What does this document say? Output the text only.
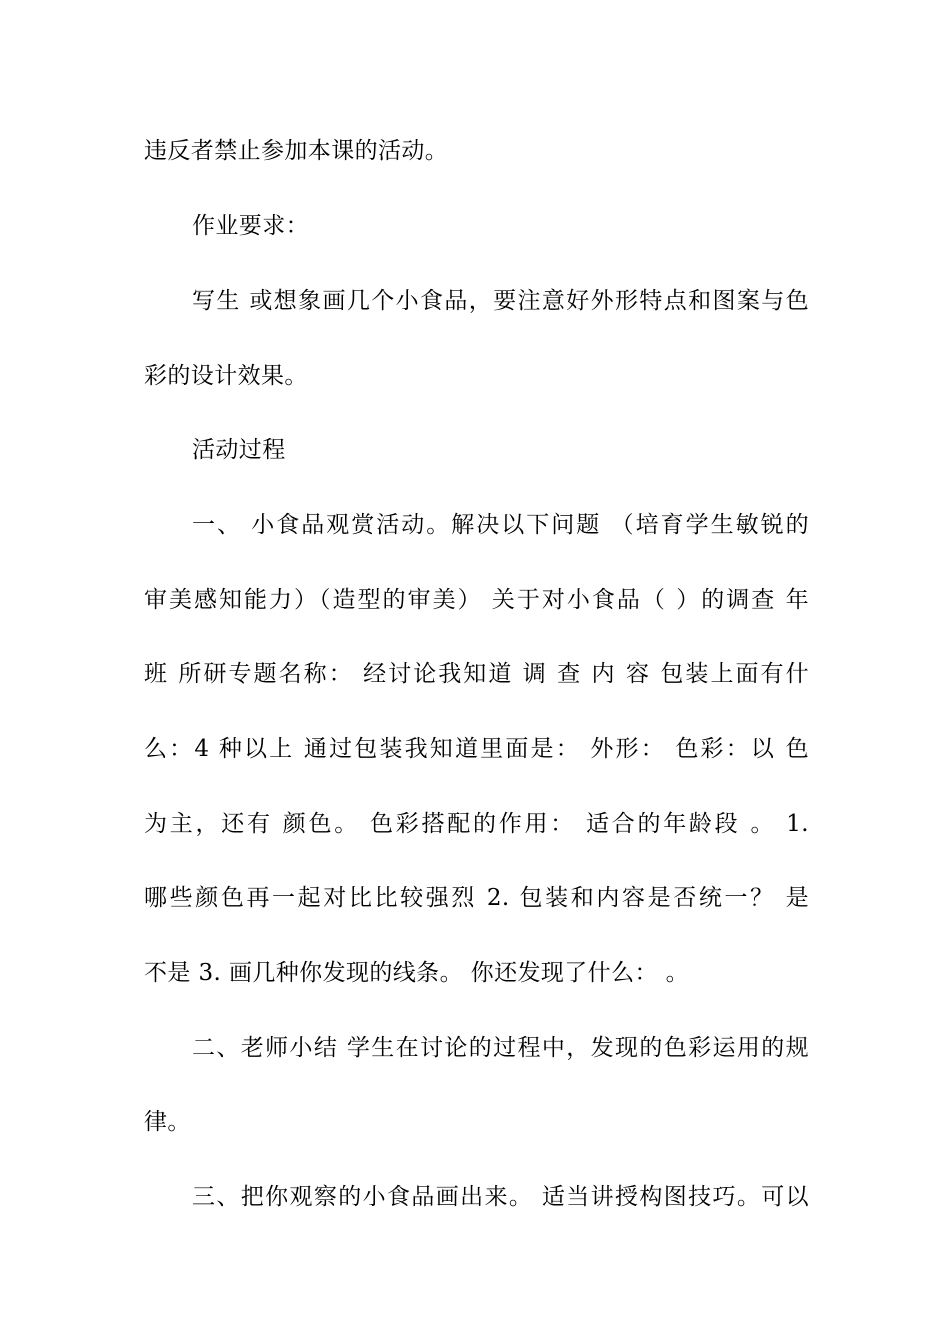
违反者禁止参加本课的活动。
作业要求：
写生 或想象画几个小食品，要注意好外形特点和图案与色
彩的设计效果。
活动过程
一、 小食品观赏活动。解决以下问题 （培育学生敏锐的
审美感知能力）（造型的审美） 关于对小食品（ ）的调查 年
班 所研专题名称： 经讨论我知道 调 查 内 容 包装上面有什
么：4 种以上 通过包装我知道里面是： 外形： 色彩：以 色
为主，还有 颜色。 色彩搭配的作用： 适合的年龄段 。 1.
哪些颜色再一起对比比较强烈 2. 包装和内容是否统一？ 是
不是 3. 画几种你发现的线条。 你还发现了什么： 。
二、老师小结 学生在讨论的过程中，发现的色彩运用的规
律。
三、把你观察的小食品画出来。 适当讲授构图技巧。可以
